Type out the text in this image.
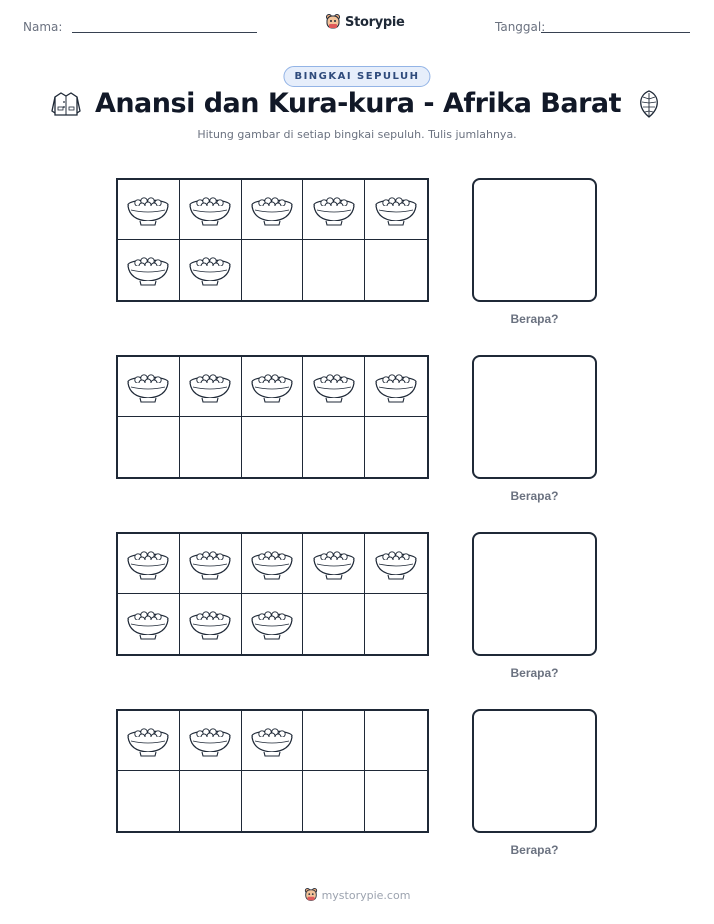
Nama:	Storypie	Tanggal:
BINGKAI SEPULUH
Anansi dan Kura-kura - Afrika Barat
Hitung gambar di setiap bingkai sepuluh. Tulis jumlahnya.
Berapa?
Berapa?
Berapa?
Berapa?
mystorypie.com
